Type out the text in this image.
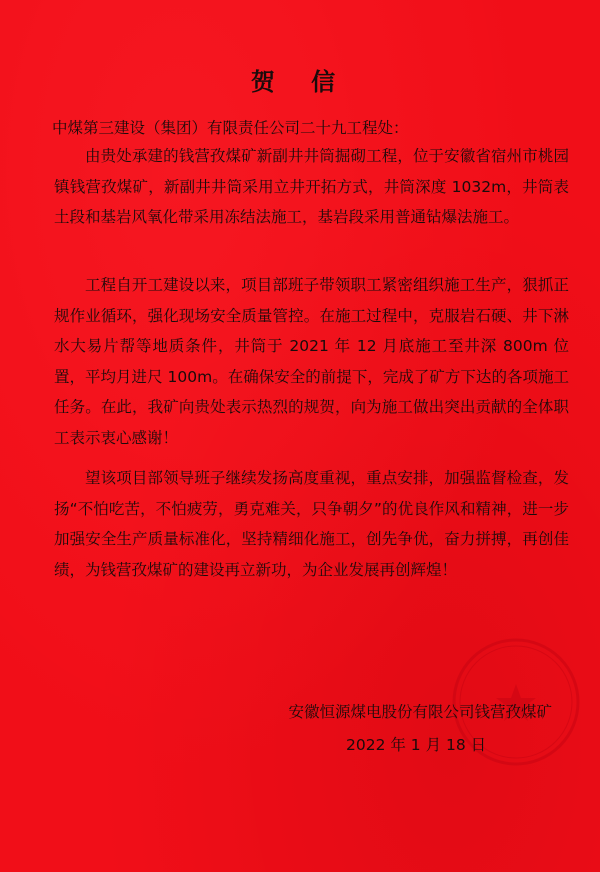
贺 信
中煤第三建设（集团）有限责任公司二十九工程处：

由贵处承建的钱营孜煤矿新副井井筒掘砌工程，位于安徽省宿州市桃园镇钱营孜煤矿，新副井井筒采用立井开拓方式，井筒深度 1032m，井筒表土段和基岩风氧化带采用冻结法施工，基岩段采用普通钻爆法施工。

工程自开工建设以来，项目部班子带领职工紧密组织施工生产，狠抓正规作业循环，强化现场安全质量管控。在施工过程中，克服岩石硬、井下淋水大易片帮等地质条件，井筒于 2021 年 12 月底施工至井深 800m 位置，平均月进尺 100m。在确保安全的前提下，完成了矿方下达的各项施工任务。在此，我矿向贵处表示热烈的规贺，向为施工做出突出贡献的全体职工表示衷心感谢！

望该项目部领导班子继续发扬高度重视，重点安排，加强监督检查，发扬“不怕吃苦，不怕疲劳，勇克难关，只争朝夕”的优良作风和精神，进一步加强安全生产质量标准化，坚持精细化施工，创先争优，奋力拼搏，再创佳绩，为钱营孜煤矿的建设再立新功，为企业发展再创辉煌！

安徽恒源煤电股份有限公司钱营孜煤矿
2022 年 1 月 18 日
